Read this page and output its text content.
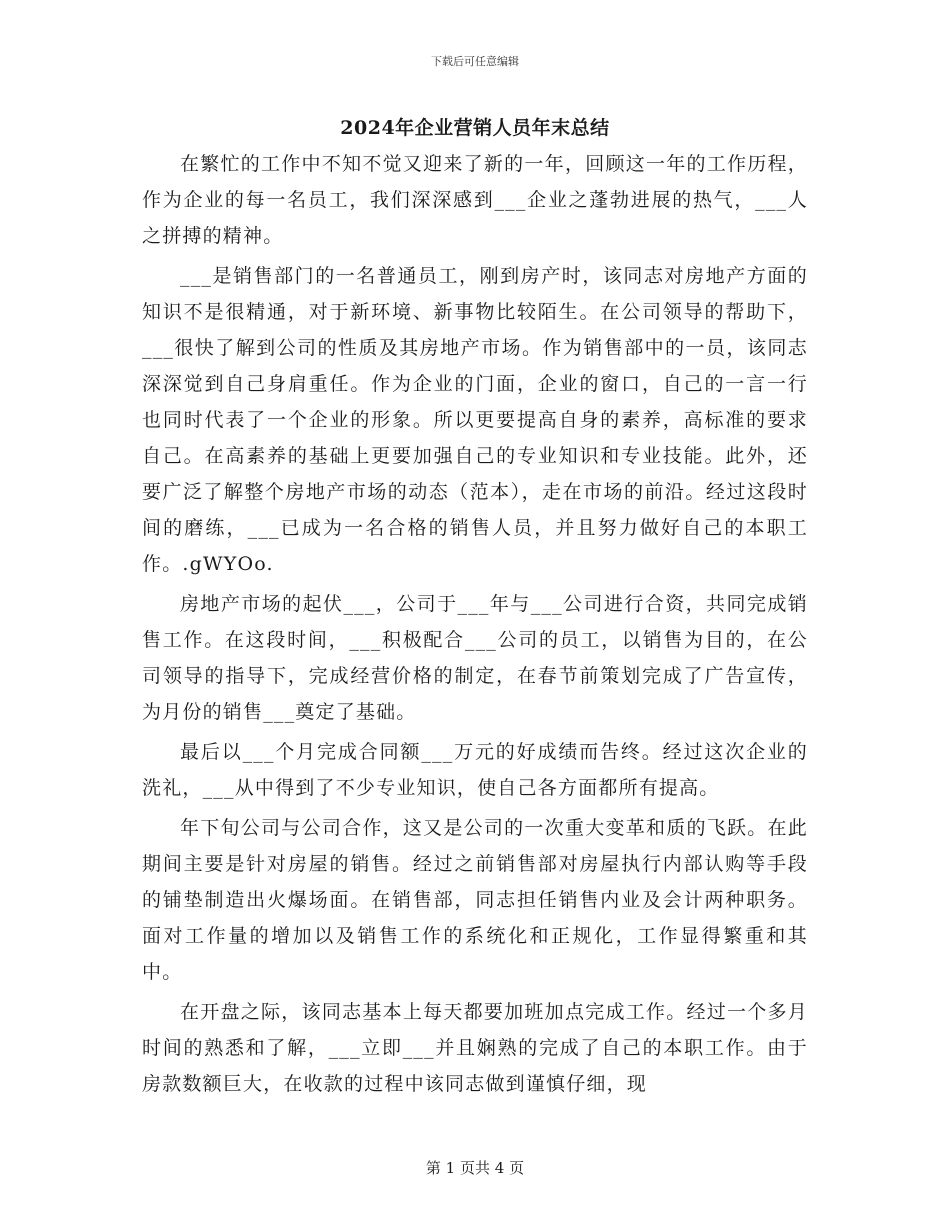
下载后可任意编辑
2024年企业营销人员年末总结

在繁忙的工作中不知不觉又迎来了新的一年，回顾这一年的工作历程，作为企业的每一名员工，我们深深感到___企业之蓬勃进展的热气，___人之拼搏的精神。

___是销售部门的一名普通员工，刚到房产时，该同志对房地产方面的知识不是很精通，对于新环境、新事物比较陌生。在公司领导的帮助下，___很快了解到公司的性质及其房地产市场。作为销售部中的一员，该同志深深觉到自己身肩重任。作为企业的门面，企业的窗口，自己的一言一行也同时代表了一个企业的形象。所以更要提高自身的素养，高标准的要求自己。在高素养的基础上更要加强自己的专业知识和专业技能。此外，还要广泛了解整个房地产市场的动态（范本），走在市场的前沿。经过这段时间的磨练，___已成为一名合格的销售人员，并且努力做好自己的本职工作。.gWYOo.

房地产市场的起伏___，公司于___年与___公司进行合资，共同完成销售工作。在这段时间，___积极配合___公司的员工，以销售为目的，在公司领导的指导下，完成经营价格的制定，在春节前策划完成了广告宣传，为月份的销售___奠定了基础。

最后以___个月完成合同额___万元的好成绩而告终。经过这次企业的洗礼，___从中得到了不少专业知识，使自己各方面都所有提高。

年下旬公司与公司合作，这又是公司的一次重大变革和质的飞跃。在此期间主要是针对房屋的销售。经过之前销售部对房屋执行内部认购等手段的铺垫制造出火爆场面。在销售部，同志担任销售内业及会计两种职务。面对工作量的增加以及销售工作的系统化和正规化，工作显得繁重和其中。

在开盘之际，该同志基本上每天都要加班加点完成工作。经过一个多月时间的熟悉和了解，___立即___并且娴熟的完成了自己的本职工作。由于房款数额巨大，在收款的过程中该同志做到谨慎仔细，现

第 1 页共 4 页
